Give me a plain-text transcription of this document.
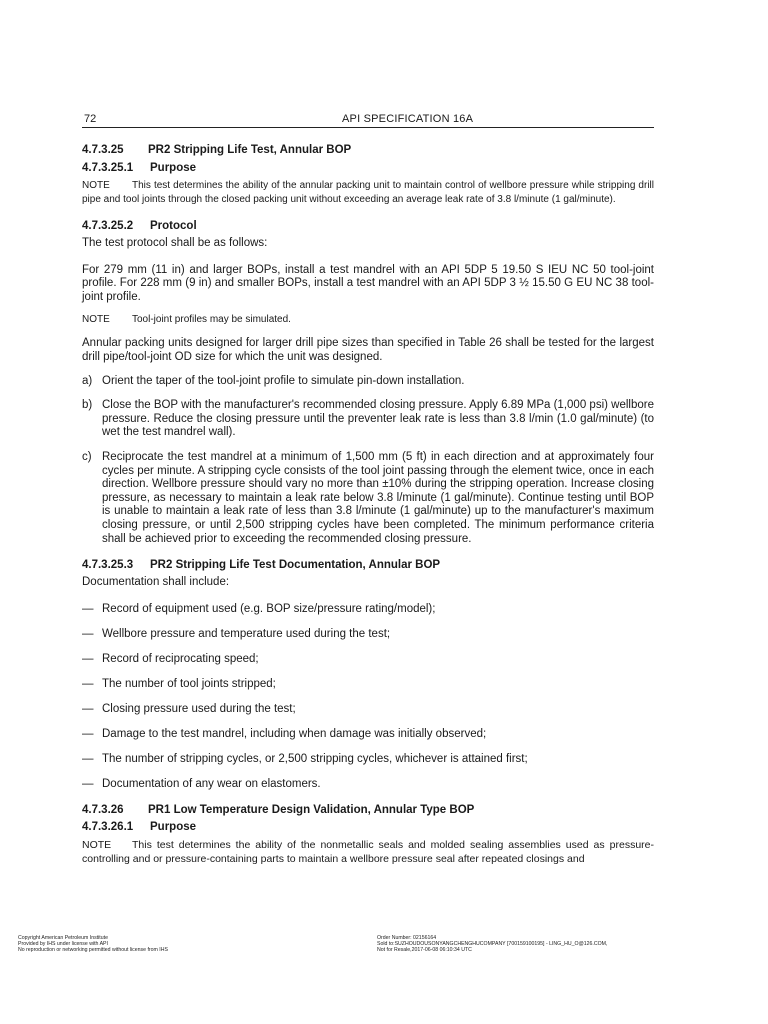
72	API SPECIFICATION 16A
4.7.3.25 PR2 Stripping Life Test, Annular BOP
4.7.3.25.1 Purpose

NOTE This test determines the ability of the annular packing unit to maintain control of wellbore pressure while stripping drill pipe and tool joints through the closed packing unit without exceeding an average leak rate of 3.8 l/minute (1 gal/minute).

4.7.3.25.2 Protocol

The test protocol shall be as follows:

For 279 mm (11 in) and larger BOPs, install a test mandrel with an API 5DP 5 19.50 S IEU NC 50 tool-joint profile. For 228 mm (9 in) and smaller BOPs, install a test mandrel with an API 5DP 3 ½ 15.50 G EU NC 38 tool-joint profile.

NOTE Tool-joint profiles may be simulated.

Annular packing units designed for larger drill pipe sizes than specified in Table 26 shall be tested for the largest drill pipe/tool-joint OD size for which the unit was designed.

a) Orient the taper of the tool-joint profile to simulate pin-down installation.
b) Close the BOP with the manufacturer's recommended closing pressure. Apply 6.89 MPa (1,000 psi) wellbore pressure. Reduce the closing pressure until the preventer leak rate is less than 3.8 l/min (1.0 gal/minute) (to wet the test mandrel wall).
c) Reciprocate the test mandrel at a minimum of 1,500 mm (5 ft) in each direction and at approximately four cycles per minute. A stripping cycle consists of the tool joint passing through the element twice, once in each direction. Wellbore pressure should vary no more than ±10% during the stripping operation. Increase closing pressure, as necessary to maintain a leak rate below 3.8 l/minute (1 gal/minute). Continue testing until BOP is unable to maintain a leak rate of less than 3.8 l/minute (1 gal/minute) up to the manufacturer's maximum closing pressure, or until 2,500 stripping cycles have been completed. The minimum performance criteria shall be achieved prior to exceeding the recommended closing pressure.
4.7.3.25.3 PR2 Stripping Life Test Documentation, Annular BOP

Documentation shall include:

— Record of equipment used (e.g. BOP size/pressure rating/model);
— Wellbore pressure and temperature used during the test;
— Record of reciprocating speed;
— The number of tool joints stripped;
— Closing pressure used during the test;
— Damage to the test mandrel, including when damage was initially observed;
— The number of stripping cycles, or 2,500 stripping cycles, whichever is attained first;
— Documentation of any wear on elastomers.
4.7.3.26 PR1 Low Temperature Design Validation, Annular Type BOP
4.7.3.26.1 Purpose

NOTE This test determines the ability of the nonmetallic seals and molded sealing assemblies used as pressure-controlling and or pressure-containing parts to maintain a wellbore pressure seal after repeated closings and

Copyright American Petroleum Institute
Provided by IHS under license with API
No reproduction or networking permitted without license from IHS
Order Number: 02156164
Sold to:SUZHOUDOUSONYANGCHENGHUCOMPANY [700159100195] - LING_HU_O@126.COM,
Not for Resale,2017-06-08 06:10:34 UTC
